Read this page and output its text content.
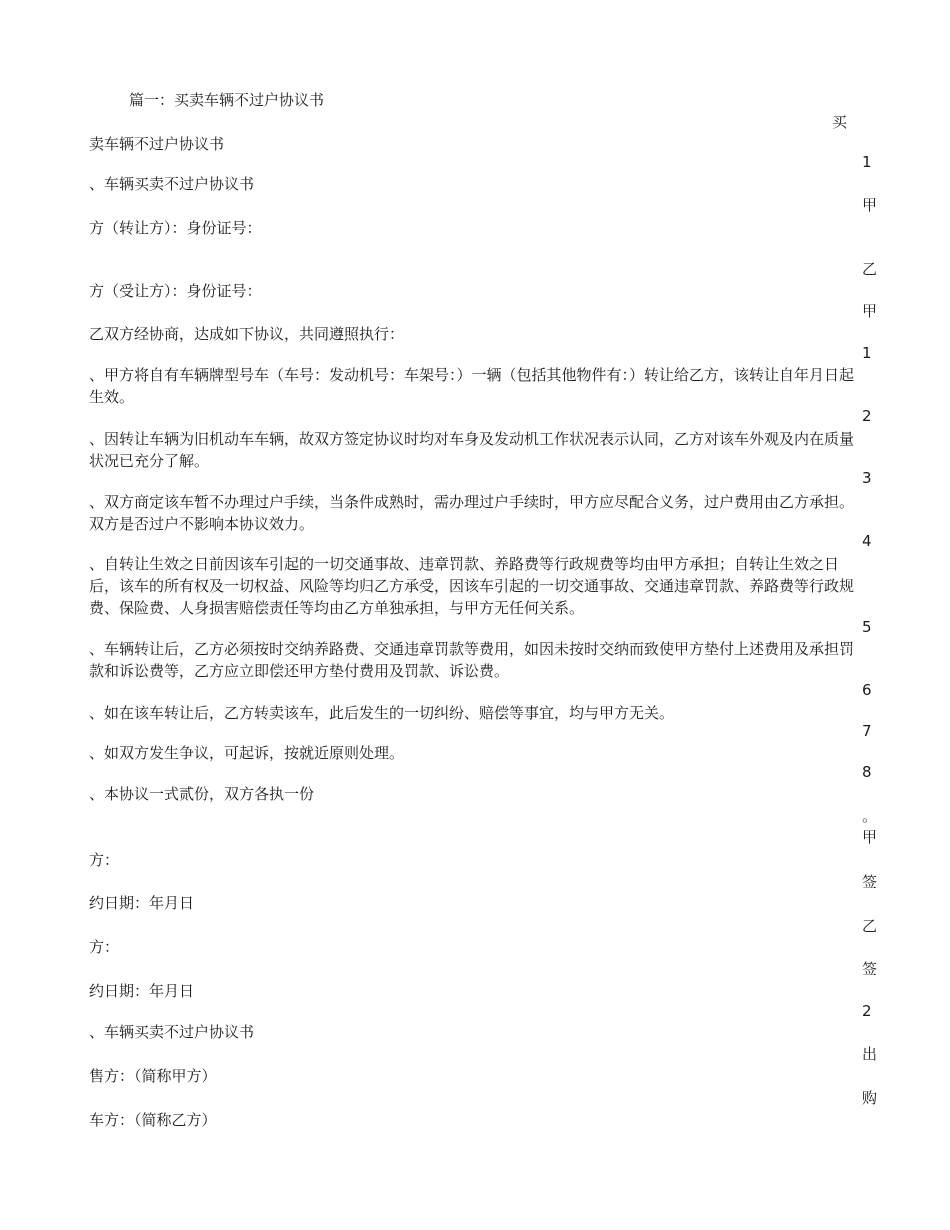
篇一：买卖车辆不过户协议书
卖车辆不过户协议书
、车辆买卖不过户协议书
方（转让方）：身份证号：
方（受让方）：身份证号：
乙双方经协商，达成如下协议，共同遵照执行：
、甲方将自有车辆牌型号车（车号：发动机号：车架号：）一辆（包括其他物件有：）转让给乙方，该转让自年月日起生效。
、因转让车辆为旧机动车车辆，故双方签定协议时均对车身及发动机工作状况表示认同，乙方对该车外观及内在质量状况已充分了解。
、双方商定该车暂不办理过户手续，当条件成熟时，需办理过户手续时，甲方应尽配合义务，过户费用由乙方承担。双方是否过户不影响本协议效力。
、自转让生效之日前因该车引起的一切交通事故、违章罚款、养路费等行政规费等均由甲方承担；自转让生效之日后，该车的所有权及一切权益、风险等均归乙方承受，因该车引起的一切交通事故、交通违章罚款、养路费等行政规费、保险费、人身损害赔偿责任等均由乙方单独承担，与甲方无任何关系。
、车辆转让后，乙方必须按时交纳养路费、交通违章罚款等费用，如因未按时交纳而致使甲方垫付上述费用及承担罚款和诉讼费等，乙方应立即偿还甲方垫付费用及罚款、诉讼费。
、如在该车转让后，乙方转卖该车，此后发生的一切纠纷、赔偿等事宜，均与甲方无关。
、如双方发生争议，可起诉，按就近原则处理。
、本协议一式贰份，双方各执一份
方：
约日期：年月日
方：
约日期：年月日
、车辆买卖不过户协议书
售方：（简称甲方）
车方：（简称乙方）
买
1
甲
乙
甲
1
2
3
4
5
6
7
8
。
甲
签
乙
签
2
出
购
